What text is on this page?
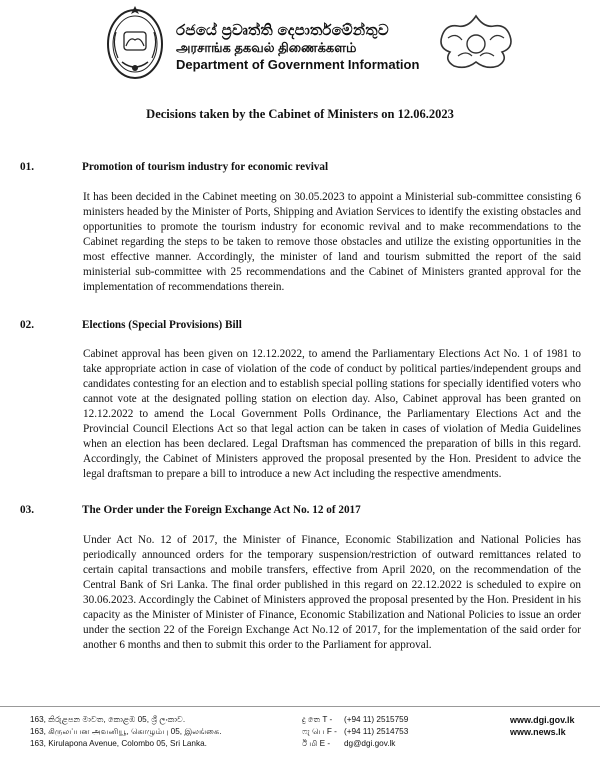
රජයේ ප්‍රවෘත්ති දෙපාර්තමේන්තුව
அரசாங்க தகவல் திணைக்களம்
Department of Government Information
Decisions taken by the Cabinet of Ministers on 12.06.2023
01.	Promotion of tourism industry for economic revival

It has been decided in the Cabinet meeting on 30.05.2023 to appoint a Ministerial sub-committee consisting 6 ministers headed by the Minister of Ports, Shipping and Aviation Services to identify the existing obstacles and opportunities to promote the tourism industry for economic revival and to make recommendations to the Cabinet regarding the steps to be taken to remove those obstacles and utilize the existing opportunities in the most effective manner. Accordingly, the minister of land and tourism submitted the report of the said ministerial sub-committee with 25 recommendations and the Cabinet of Ministers granted approval for the implementation of recommendations therein.

02.	Elections (Special Provisions) Bill

Cabinet approval has been given on 12.12.2022, to amend the Parliamentary Elections Act No. 1 of 1981 to take appropriate action in case of violation of the code of conduct by political parties/independent groups and candidates contesting for an election and to establish special polling stations for specially identified voters who cannot vote at the designated polling station on election day. Also, Cabinet approval has been granted on 12.12.2022 to amend the Local Government Polls Ordinance, the Parliamentary Elections Act and the Provincial Council Elections Act so that legal action can be taken in cases of violation of Media Guidelines when an election has been declared. Legal Draftsman has commenced the preparation of bills in this regard. Accordingly, the Cabinet of Ministers approved the proposal presented by the Hon. President to advice the legal draftsman to prepare a bill to introduce a new Act including the respective amendments.

03.	The Order under the Foreign Exchange Act No. 12 of 2017

Under Act No. 12 of 2017, the Minister of Finance, Economic Stabilization and National Policies has periodically announced orders for the temporary suspension/restriction of outward remittances related to certain capital transactions and mobile transfers, effective from April 2020, on the recommendation of the Central Bank of Sri Lanka. The final order published in this regard on 22.12.2022 is scheduled to expire on 30.06.2023. Accordingly the Cabinet of Ministers approved the proposal presented by the Hon. President in his capacity as the Minister of Minister of Finance, Economic Stabilization and National Policies to issue an order under the section 22 of the Foreign Exchange Act No.12 of 2017, for the implementation of the said order for another 6 months and then to submit this order to the Parliament for approval.

163, කිරුළපන මාවත, කොළඹ 05, ශ්‍රී ලංකාව.
163, கிருலப்பன அவனியூ, கொழும்பு 05, இலங்கை.
163, Kirulapona Avenue, Colombo 05, Sri Lanka.
දු තෙ T - (+94 11) 2515759
ෆැ பெ F - (+94 11) 2514753
ඊ மி E - dg@dgi.gov.lk
www.dgi.gov.lk
www.news.lk
